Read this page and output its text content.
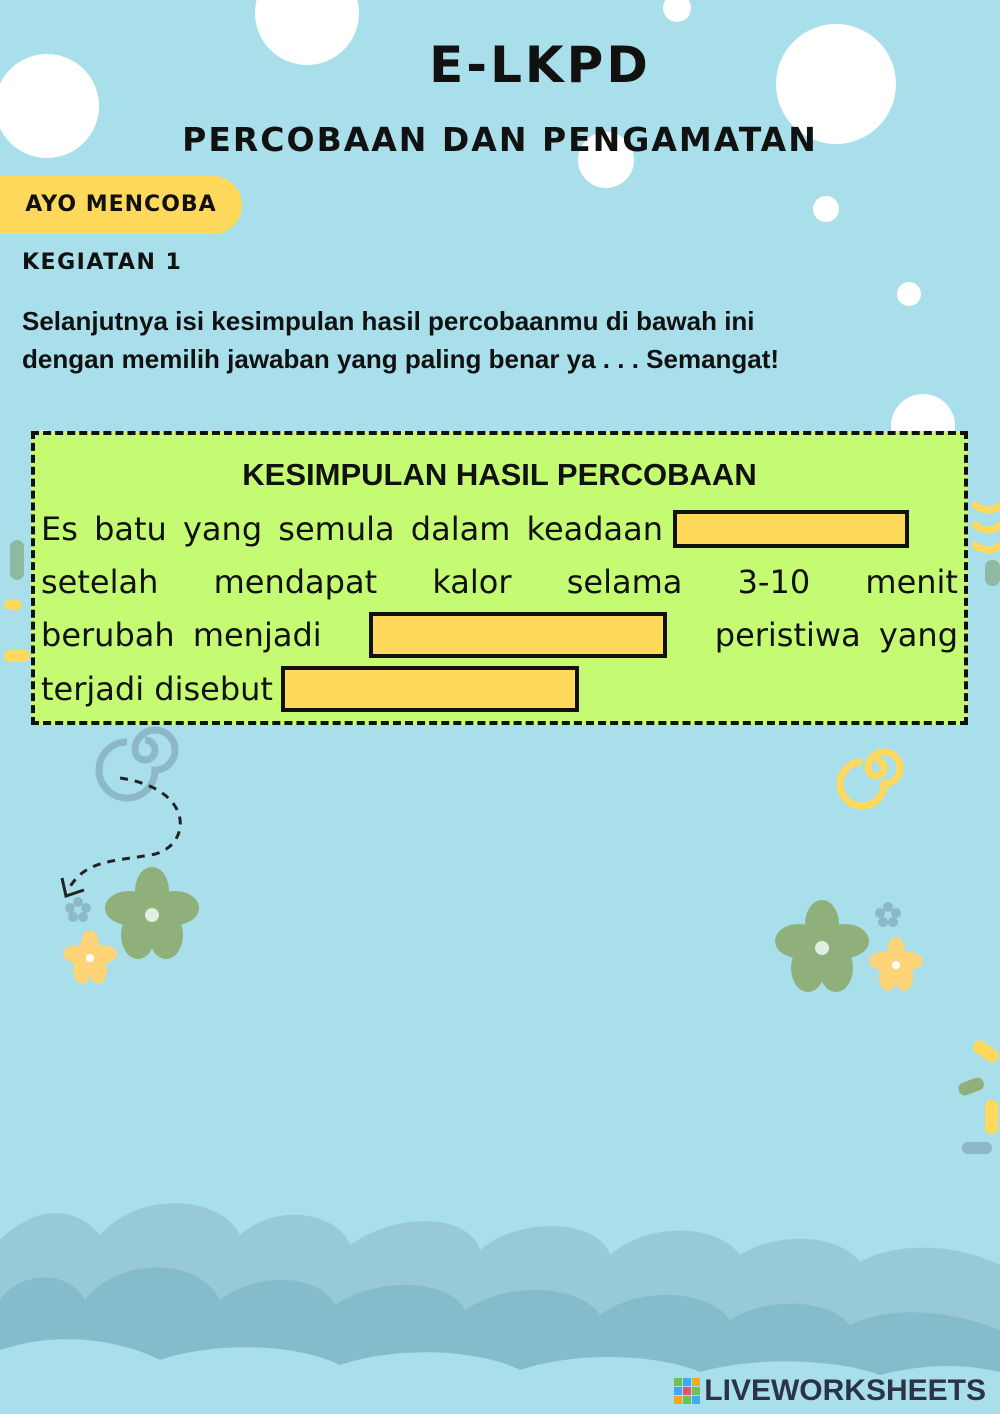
E-LKPD
PERCOBAAN DAN PENGAMATAN
AYO MENCOBA
KEGIATAN 1
Selanjutnya isi kesimpulan hasil percobaanmu di bawah ini
dengan memilih jawaban yang paling benar ya . . . Semangat!
KESIMPULAN HASIL PERCOBAAN
Es batu yang semula dalam keadaan
setelah mendapat kalor selama 3-10 menit
berubah menjadi	peristiwa yang
terjadi disebut
LIVEWORKSHEETS
